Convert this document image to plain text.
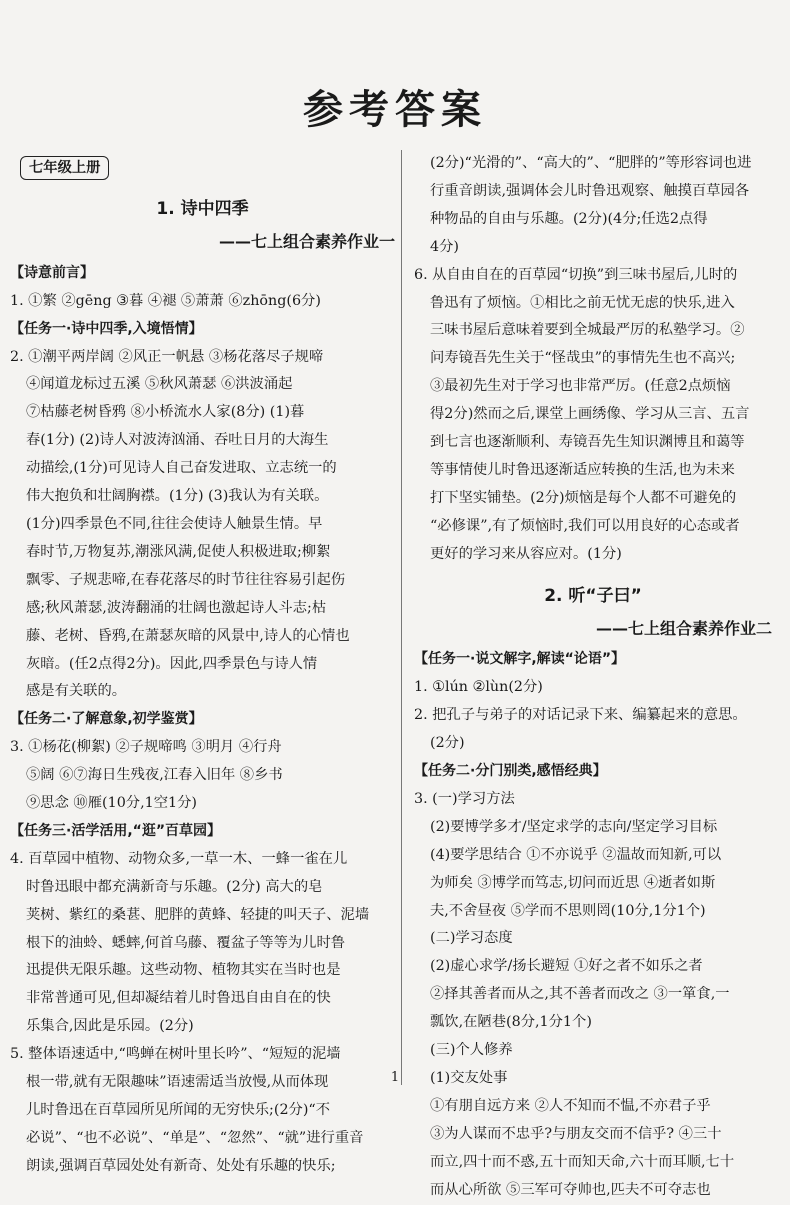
参考答案
七年级上册
1. 诗中四季
——七上组合素养作业一
【诗意前言】
1. ①繁 ②gēng ③暮 ④褪 ⑤萧萧 ⑥zhōng(6分)
【任务一·诗中四季,入境悟情】
2. ①潮平两岸阔 ②风正一帆悬 ③杨花落尽子规啼
④闻道龙标过五溪 ⑤秋风萧瑟 ⑥洪波涌起
⑦枯藤老树昏鸦 ⑧小桥流水人家(8分) (1)暮
春(1分) (2)诗人对波涛汹涌、吞吐日月的大海生
动描绘,(1分)可见诗人自己奋发进取、立志统一的
伟大抱负和壮阔胸襟。(1分) (3)我认为有关联。
(1分)四季景色不同,往往会使诗人触景生情。早
春时节,万物复苏,潮涨风满,促使人积极进取;柳絮
飘零、子规悲啼,在春花落尽的时节往往容易引起伤
感;秋风萧瑟,波涛翻涌的壮阔也激起诗人斗志;枯
藤、老树、昏鸦,在萧瑟灰暗的风景中,诗人的心情也
灰暗。(任2点得2分)。因此,四季景色与诗人情
感是有关联的。
【任务二·了解意象,初学鉴赏】
3. ①杨花(柳絮) ②子规啼鸣 ③明月 ④行舟
⑤阔 ⑥⑦海日生残夜,江春入旧年 ⑧乡书
⑨思念 ⑩雁(10分,1空1分)
【任务三·活学活用,“逛”百草园】
4. 百草园中植物、动物众多,一草一木、一蜂一雀在儿
时鲁迅眼中都充满新奇与乐趣。(2分) 高大的皂
荚树、紫红的桑葚、肥胖的黄蜂、轻捷的叫天子、泥墙
根下的油蛉、蟋蟀,何首乌藤、覆盆子等等为儿时鲁
迅提供无限乐趣。这些动物、植物其实在当时也是
非常普通可见,但却凝结着儿时鲁迅自由自在的快
乐集合,因此是乐园。(2分)
5. 整体语速适中,“鸣蝉在树叶里长吟”、“短短的泥墙
根一带,就有无限趣味”语速需适当放慢,从而体现
儿时鲁迅在百草园所见所闻的无穷快乐;(2分)“不
必说”、“也不必说”、“单是”、“忽然”、“就”进行重音
朗读,强调百草园处处有新奇、处处有乐趣的快乐;
(2分)“光滑的”、“高大的”、“肥胖的”等形容词也进
行重音朗读,强调体会儿时鲁迅观察、触摸百草园各
种物品的自由与乐趣。(2分)(4分;任选2点得
4分)
6. 从自由自在的百草园“切换”到三味书屋后,儿时的
鲁迅有了烦恼。①相比之前无忧无虑的快乐,进入
三味书屋后意味着要到全城最严厉的私塾学习。②
问寿镜吾先生关于“怪哉虫”的事情先生也不高兴;
③最初先生对于学习也非常严厉。(任意2点烦恼
得2分)然而之后,课堂上画绣像、学习从三言、五言
到七言也逐渐顺利、寿镜吾先生知识渊博且和蔼等
等事情使儿时鲁迅逐渐适应转换的生活,也为未来
打下坚实铺垫。(2分)烦恼是每个人都不可避免的
“必修课”,有了烦恼时,我们可以用良好的心态或者
更好的学习来从容应对。(1分)
2. 听“子曰”
——七上组合素养作业二
【任务一·说文解字,解读“论语”】
1. ①lún ②lùn(2分)
2. 把孔子与弟子的对话记录下来、编纂起来的意思。
(2分)
【任务二·分门别类,感悟经典】
3. (一)学习方法
(2)要博学多才/坚定求学的志向/坚定学习目标
(4)要学思结合 ①不亦说乎 ②温故而知新,可以
为师矣 ③博学而笃志,切问而近思 ④逝者如斯
夫,不舍昼夜 ⑤学而不思则罔(10分,1分1个)
(二)学习态度
(2)虚心求学/扬长避短 ①好之者不如乐之者
②择其善者而从之,其不善者而改之 ③一箪食,一
瓢饮,在陋巷(8分,1分1个)
(三)个人修养
(1)交友处事
①有朋自远方来 ②人不知而不愠,不亦君子乎
③为人谋而不忠乎?与朋友交而不信乎? ④三十
而立,四十而不惑,五十而知天命,六十而耳顺,七十
而从心所欲 ⑤三军可夺帅也,匹夫不可夺志也
1
